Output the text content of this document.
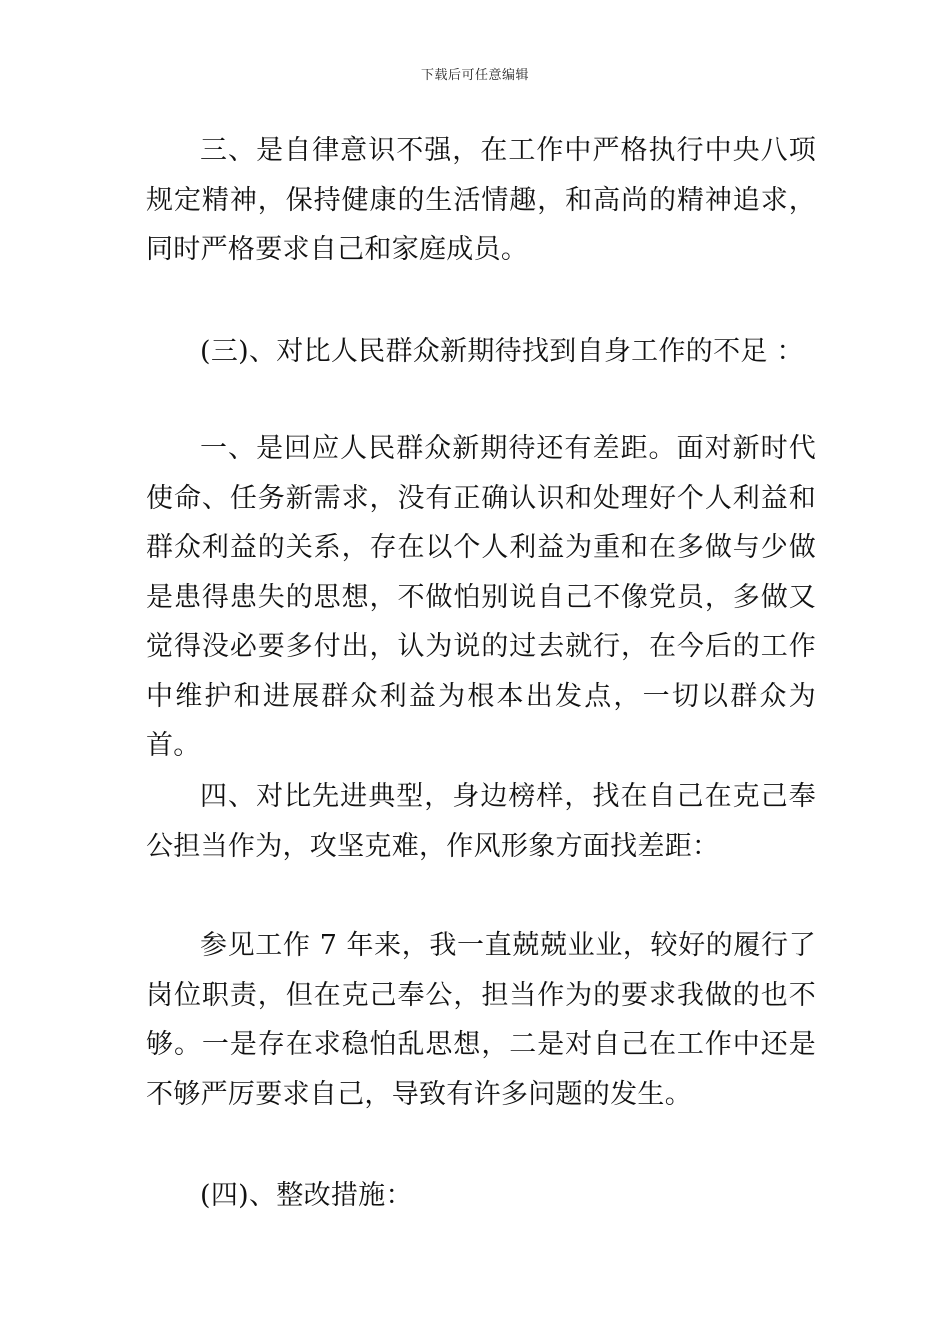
下载后可任意编辑

三、是自律意识不强，在工作中严格执行中央八项规定精神，保持健康的生活情趣，和高尚的精神追求，同时严格要求自己和家庭成员。

(三)、对比人民群众新期待找到自身工作的不足 ：

一、是回应人民群众新期待还有差距。面对新时代使命、任务新需求，没有正确认识和处理好个人利益和群众利益的关系，存在以个人利益为重和在多做与少做是患得患失的思想，不做怕别说自己不像党员，多做又觉得没必要多付出，认为说的过去就行，在今后的工作中维护和进展群众利益为根本出发点，一切以群众为首。

四、对比先进典型，身边榜样，找在自己在克己奉公担当作为，攻坚克难，作风形象方面找差距：

参见工作 7 年来，我一直兢兢业业，较好的履行了岗位职责，但在克己奉公，担当作为的要求我做的也不够。一是存在求稳怕乱思想，二是对自己在工作中还是不够严厉要求自己，导致有许多问题的发生。

(四)、整改措施：
